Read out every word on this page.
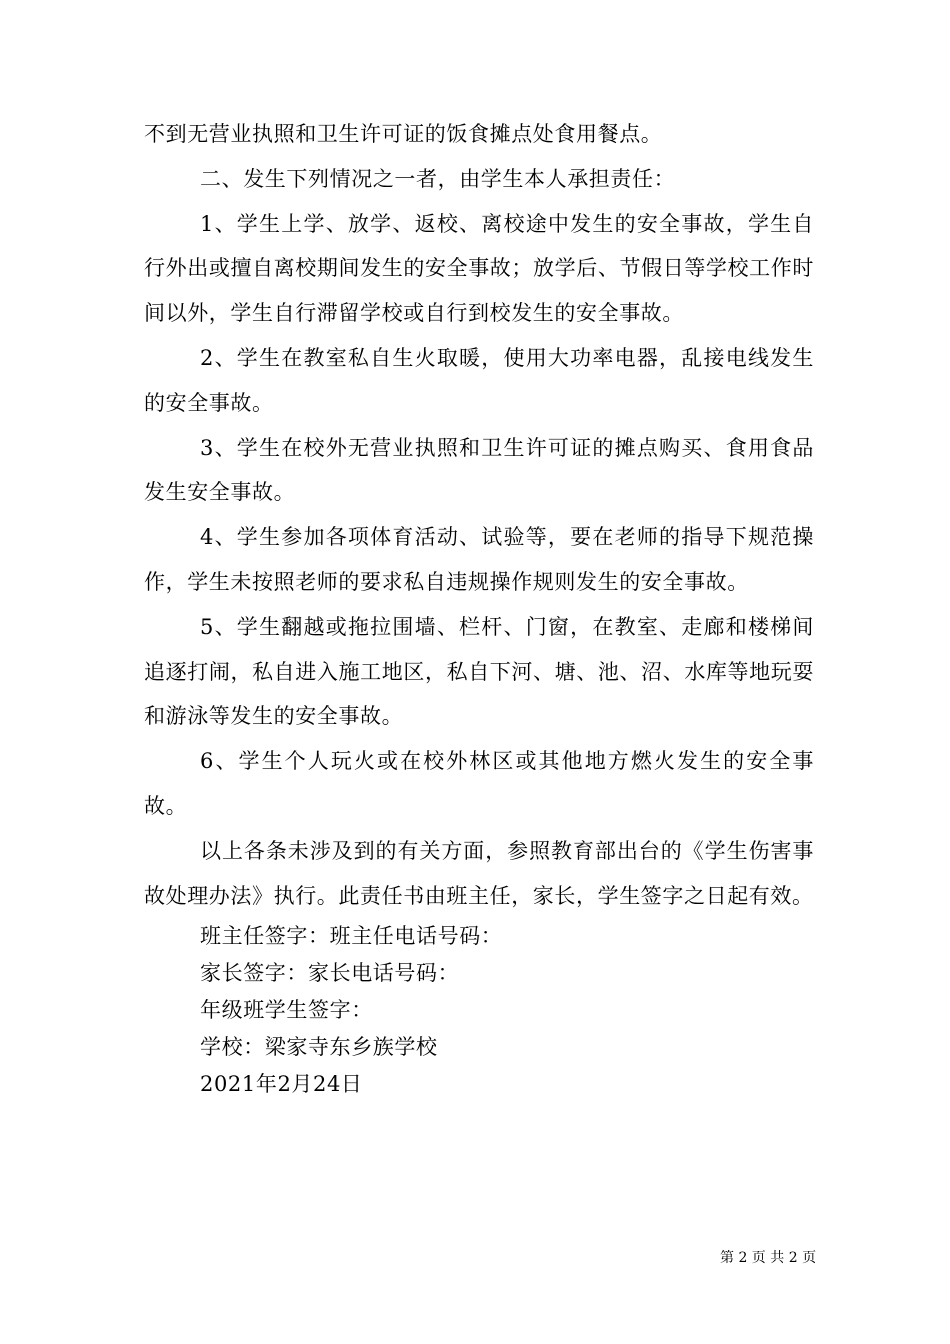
不到无营业执照和卫生许可证的饭食摊点处食用餐点。

二、发生下列情况之一者，由学生本人承担责任：

1、学生上学、放学、返校、离校途中发生的安全事故，学生自行外出或擅自离校期间发生的安全事故；放学后、节假日等学校工作时间以外，学生自行滞留学校或自行到校发生的安全事故。

2、学生在教室私自生火取暖，使用大功率电器，乱接电线发生的安全事故。

3、学生在校外无营业执照和卫生许可证的摊点购买、食用食品发生安全事故。

4、学生参加各项体育活动、试验等，要在老师的指导下规范操作，学生未按照老师的要求私自违规操作规则发生的安全事故。

5、学生翻越或拖拉围墙、栏杆、门窗，在教室、走廊和楼梯间追逐打闹，私自进入施工地区，私自下河、塘、池、沼、水库等地玩耍和游泳等发生的安全事故。

6、学生个人玩火或在校外林区或其他地方燃火发生的安全事故。

以上各条未涉及到的有关方面，参照教育部出台的《学生伤害事故处理办法》执行。此责任书由班主任，家长，学生签字之日起有效。

班主任签字：班主任电话号码：

家长签字：家长电话号码：

年级班学生签字：

学校：梁家寺东乡族学校

2021年2月24日

第 2 页 共 2 页
